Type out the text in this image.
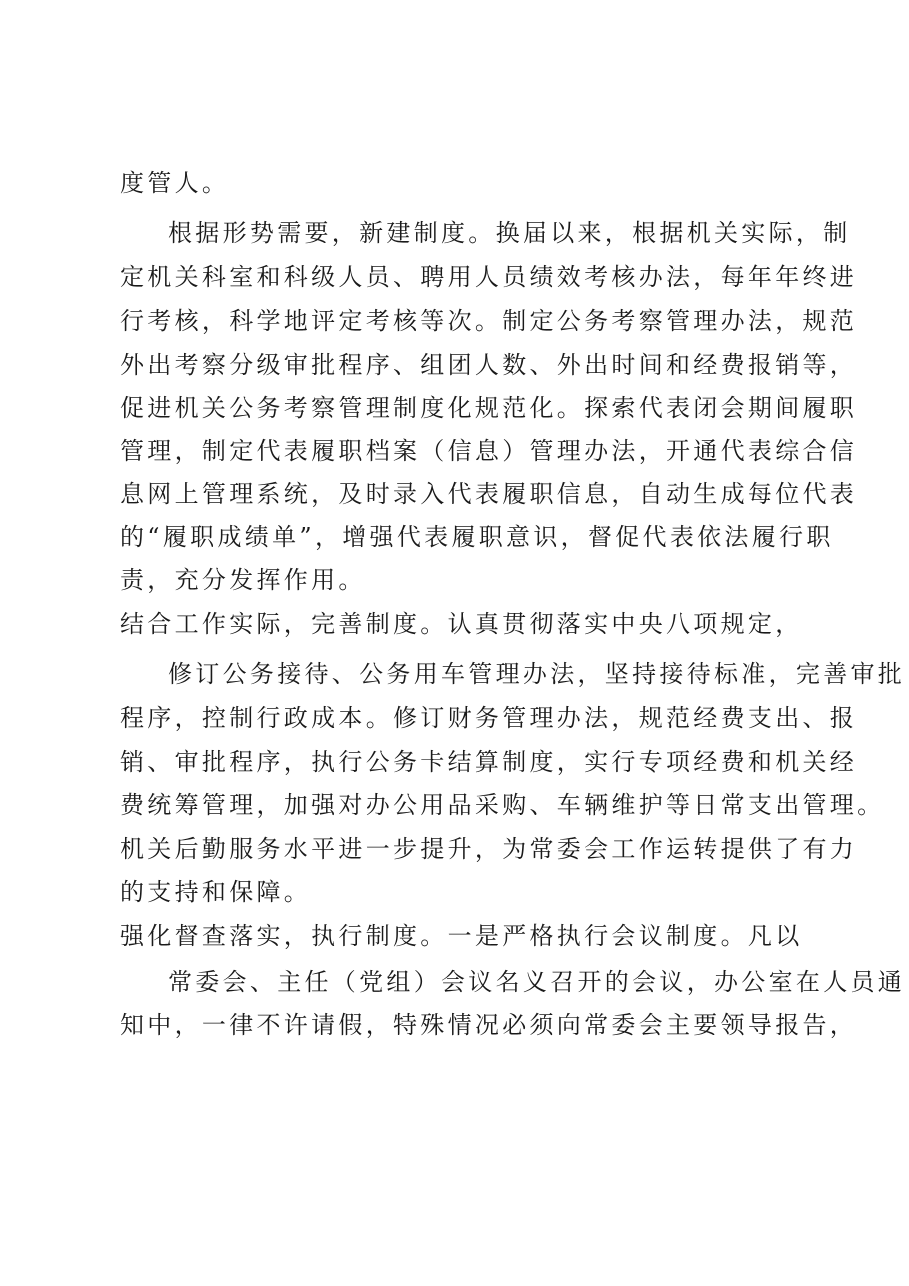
度管人。
根据形势需要，新建制度。换届以来，根据机关实际，制
定机关科室和科级人员、聘用人员绩效考核办法，每年年终进
行考核，科学地评定考核等次。制定公务考察管理办法，规范
外出考察分级审批程序、组团人数、外出时间和经费报销等，
促进机关公务考察管理制度化规范化。探索代表闭会期间履职
管理，制定代表履职档案（信息）管理办法，开通代表综合信
息网上管理系统，及时录入代表履职信息，自动生成每位代表
的“履职成绩单”，增强代表履职意识，督促代表依法履行职
责，充分发挥作用。
结合工作实际，完善制度。认真贯彻落实中央八项规定，
修订公务接待、公务用车管理办法，坚持接待标准，完善审批
程序，控制行政成本。修订财务管理办法，规范经费支出、报
销、审批程序，执行公务卡结算制度，实行专项经费和机关经
费统筹管理，加强对办公用品采购、车辆维护等日常支出管理。
机关后勤服务水平进一步提升，为常委会工作运转提供了有力
的支持和保障。
强化督查落实，执行制度。一是严格执行会议制度。凡以
常委会、主任（党组）会议名义召开的会议，办公室在人员通
知中，一律不许请假，特殊情况必须向常委会主要领导报告，
